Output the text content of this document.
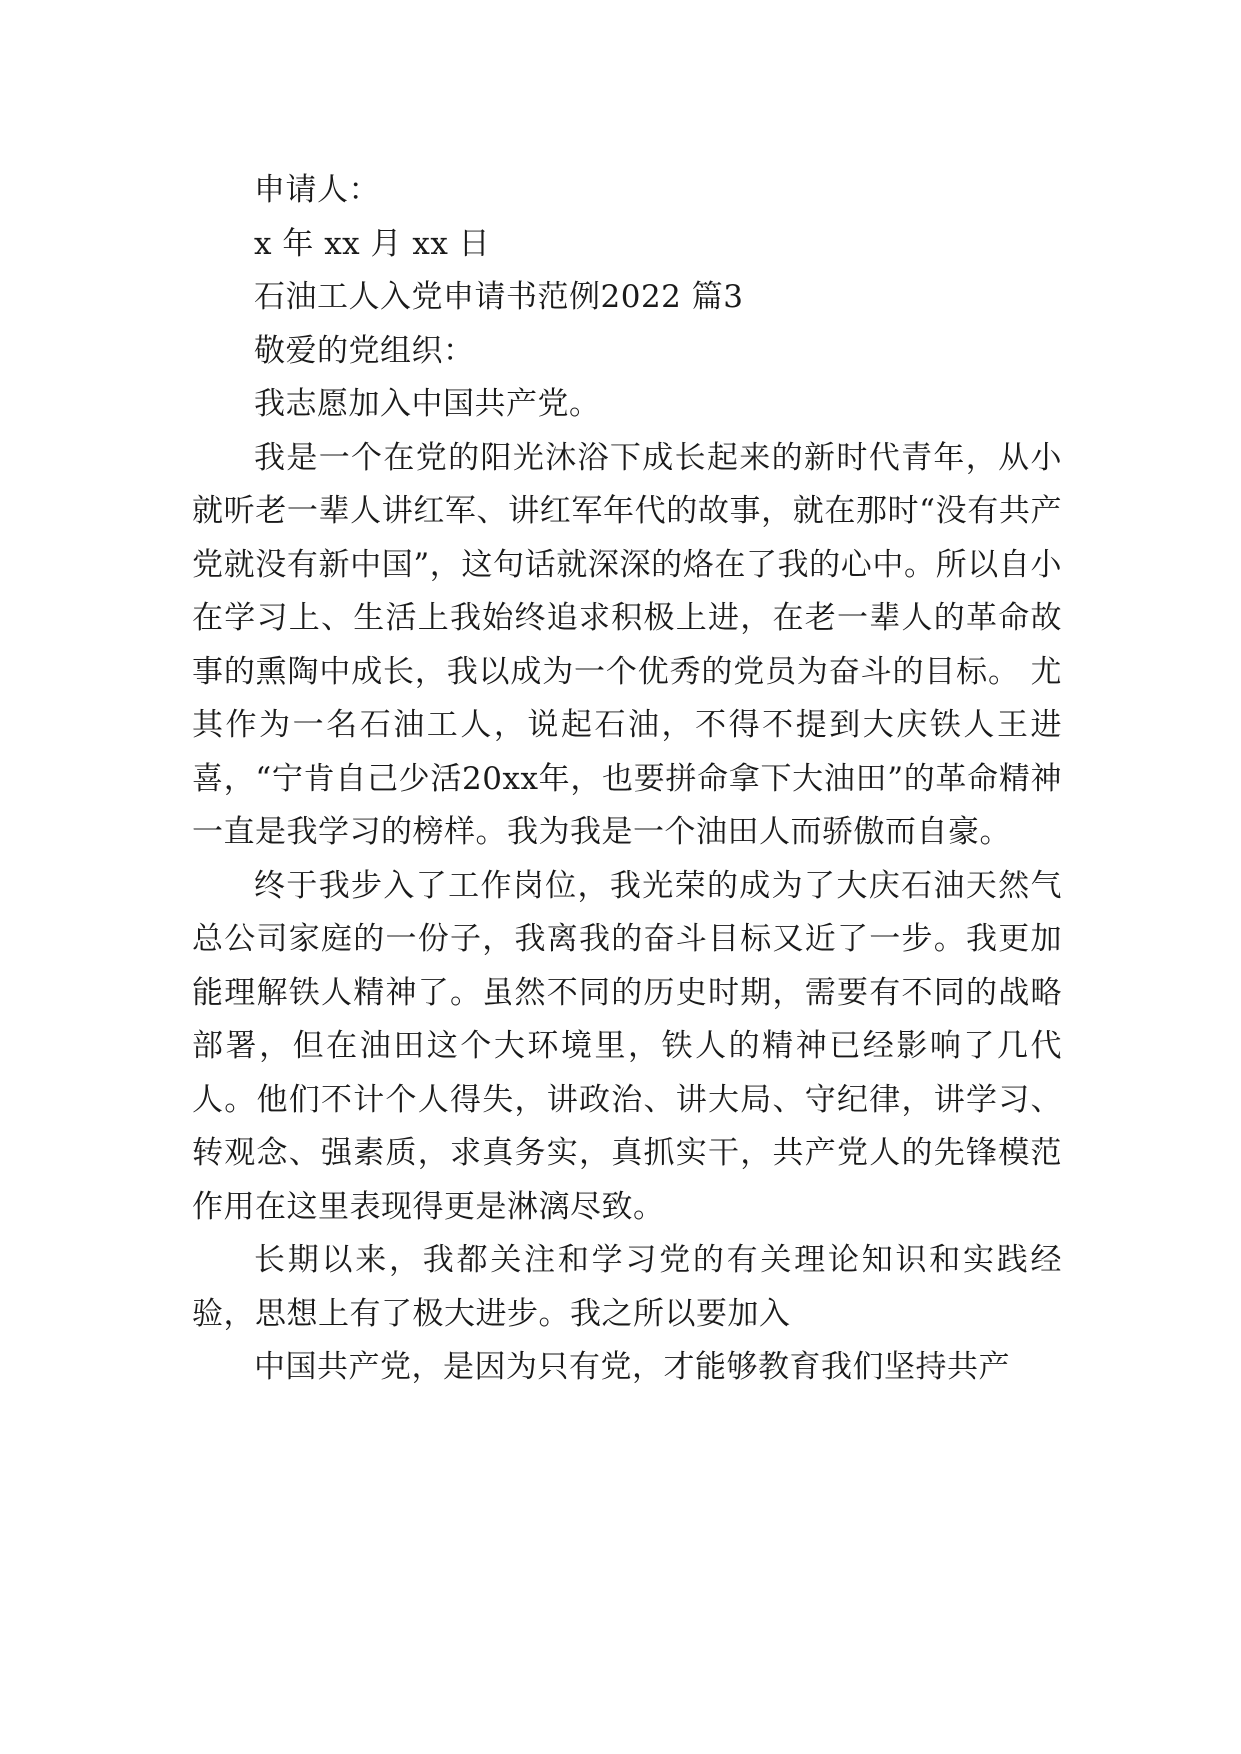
申请人：

x 年 xx 月 xx 日

石油工人入党申请书范例2022 篇3

敬爱的党组织：

我志愿加入中国共产党。

我是一个在党的阳光沐浴下成长起来的新时代青年，从小就听老一辈人讲红军、讲红军年代的故事，就在那时“没有共产党就没有新中国”，这句话就深深的烙在了我的心中。所以自小在学习上、生活上我始终追求积极上进，在老一辈人的革命故事的熏陶中成长，我以成为一个优秀的党员为奋斗的目标。 尤其作为一名石油工人，说起石油，不得不提到大庆铁人王进喜，“宁肯自己少活20xx年，也要拼命拿下大油田”的革命精神一直是我学习的榜样。我为我是一个油田人而骄傲而自豪。

终于我步入了工作岗位，我光荣的成为了大庆石油天然气总公司家庭的一份子，我离我的奋斗目标又近了一步。我更加能理解铁人精神了。虽然不同的历史时期，需要有不同的战略部署，但在油田这个大环境里，铁人的精神已经影响了几代人。他们不计个人得失，讲政治、讲大局、守纪律，讲学习、转观念、强素质，求真务实，真抓实干，共产党人的先锋模范作用在这里表现得更是淋漓尽致。

长期以来，我都关注和学习党的有关理论知识和实践经验，思想上有了极大进步。我之所以要加入

中国共产党，是因为只有党，才能够教育我们坚持共产
